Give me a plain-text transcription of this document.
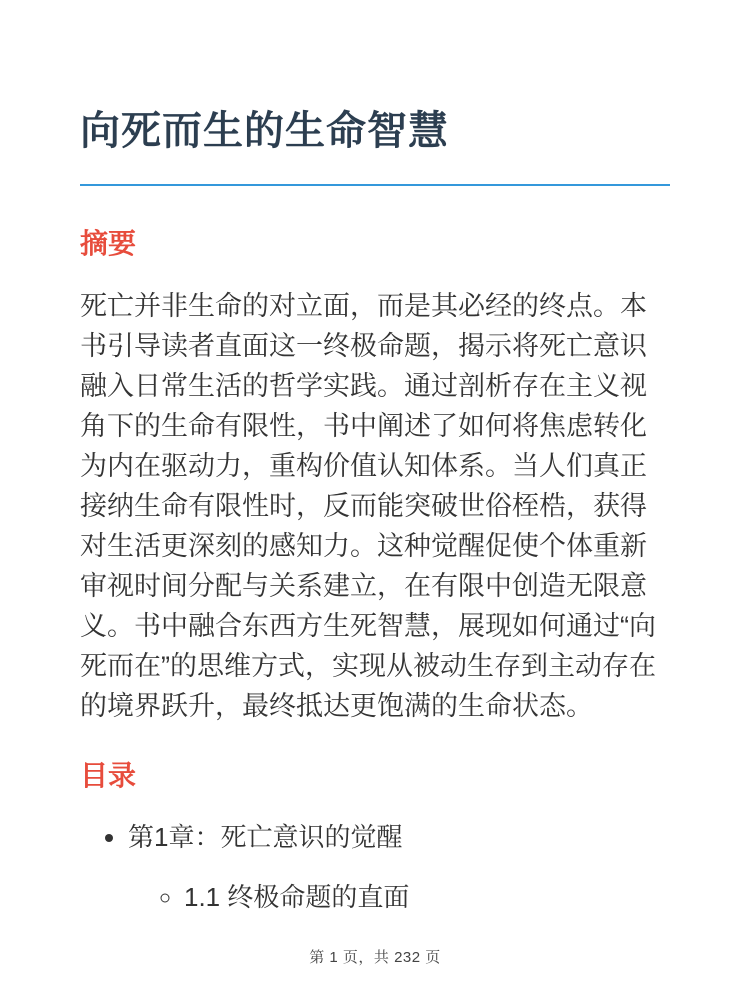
向死而生的生命智慧
摘要

死亡并非生命的对立面，而是其必经的终点。本书引导读者直面这一终极命题，揭示将死亡意识融入日常生活的哲学实践。通过剖析存在主义视角下的生命有限性，书中阐述了如何将焦虑转化为内在驱动力，重构价值认知体系。当人们真正接纳生命有限性时，反而能突破世俗桎梏，获得对生活更深刻的感知力。这种觉醒促使个体重新审视时间分配与关系建立，在有限中创造无限意义。书中融合东西方生死智慧，展现如何通过“向死而在”的思维方式，实现从被动生存到主动存在的境界跃升，最终抵达更饱满的生命状态。

目录
• 第1章：死亡意识的觉醒
◦ 1.1 终极命题的直面
第 1 页，共 232 页
